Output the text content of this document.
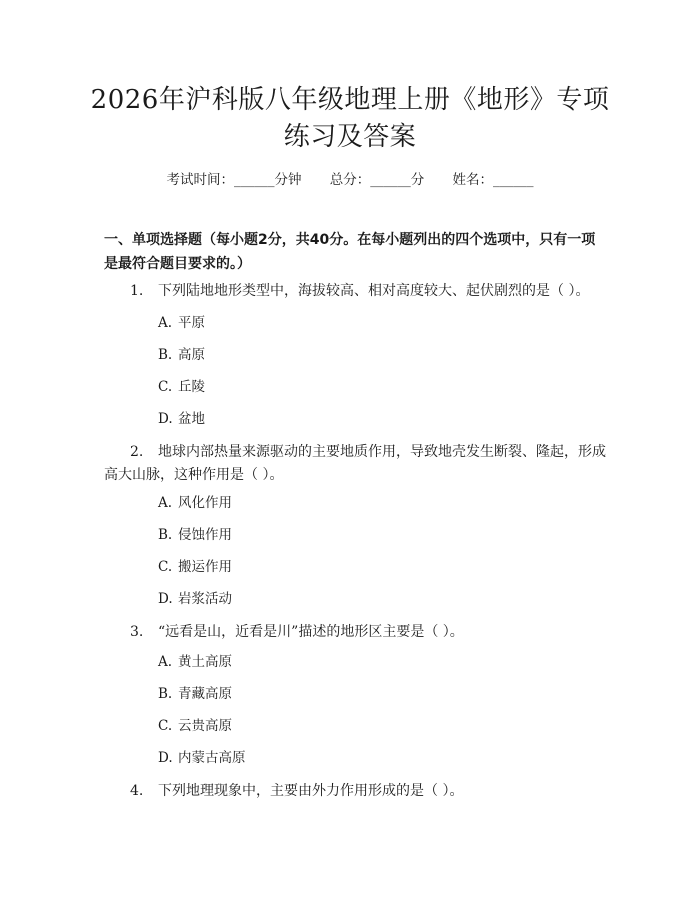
2026年沪科版八年级地理上册《地形》专项
练习及答案
考试时间：______分钟 总分：______分 姓名：______
一、单项选择题（每小题2分，共40分。在每小题列出的四个选项中，只有一项是最符合题目要求的。）
1. 下列陆地地形类型中，海拔较高、相对高度较大、起伏剧烈的是（ ）。
A. 平原
B. 高原
C. 丘陵
D. 盆地
2. 地球内部热量来源驱动的主要地质作用，导致地壳发生断裂、隆起，形成
高大山脉，这种作用是（ ）。
A. 风化作用
B. 侵蚀作用
C. 搬运作用
D. 岩浆活动
3. “远看是山，近看是川”描述的地形区主要是（ ）。
A. 黄土高原
B. 青藏高原
C. 云贵高原
D. 内蒙古高原
4. 下列地理现象中，主要由外力作用形成的是（ ）。
